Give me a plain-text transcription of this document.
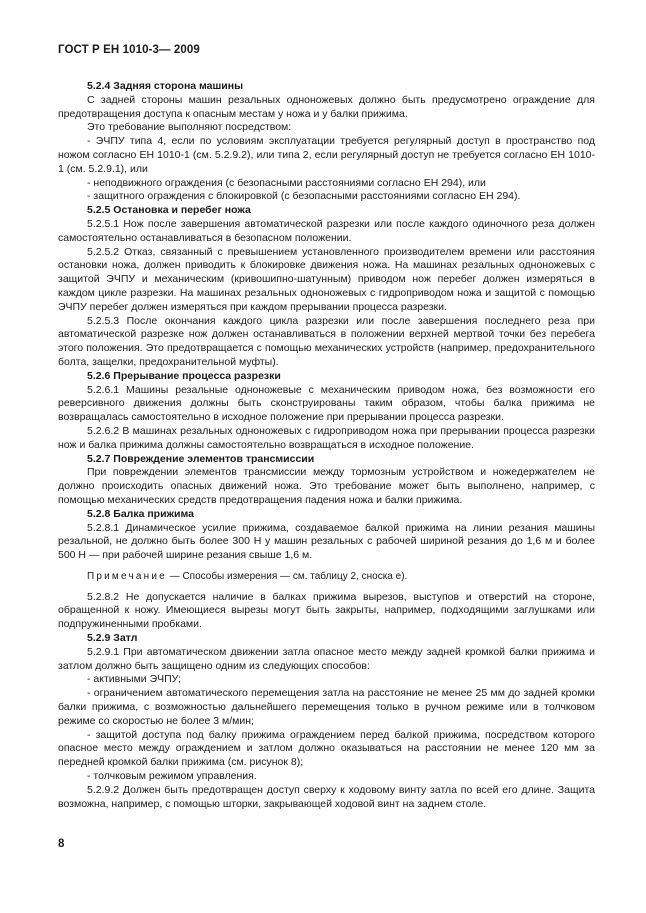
ГОСТ Р ЕН 1010-3— 2009

5.2.4 Задняя сторона машины

С задней стороны машин резальных одноножевых должно быть предусмотрено ограждение для предотвращения доступа к опасным местам у ножа и у балки прижима.

Это требование выполняют посредством:

- ЭЧПУ типа 4, если по условиям эксплуатации требуется регулярный доступ в пространство под ножом согласно ЕН 1010-1 (см. 5.2.9.2), или типа 2, если регулярный доступ не требуется согласно ЕН 1010-1 (см. 5.2.9.1), или

- неподвижного ограждения (с безопасными расстояниями согласно ЕН 294), или

- защитного ограждения с блокировкой (с безопасными расстояниями согласно ЕН 294).

5.2.5 Остановка и перебег ножа

5.2.5.1 Нож после завершения автоматической разрезки или после каждого одиночного реза должен самостоятельно останавливаться в безопасном положении.

5.2.5.2 Отказ, связанный с превышением установленного производителем времени или расстояния остановки ножа, должен приводить к блокировке движения ножа. На машинах резальных одноножевых с защитой ЭЧПУ и механическим (кривошипно-шатунным) приводом нож перебег должен измеряться в каждом цикле разрезки. На машинах резальных одноножевых с гидроприводом ножа и защитой с помощью ЭЧПУ перебег должен измеряться при каждом прерывании процесса разрезки.

5.2.5.3 После окончания каждого цикла разрезки или после завершения последнего реза при автоматической разрезке нож должен останавливаться в положении верхней мертвой точки без перебега этого положения. Это предотвращается с помощью механических устройств (например, предохранительного болта, защелки, предохранительной муфты).

5.2.6 Прерывание процесса разрезки

5.2.6.1 Машины резальные одноножевые с механическим приводом ножа, без возможности его реверсивного движения должны быть сконструированы таким образом, чтобы балка прижима не возвращалась самостоятельно в исходное положение при прерывании процесса разрезки.

5.2.6.2 В машинах резальных одноножевых с гидроприводом ножа при прерывании процесса разрезки нож и балка прижима должны самостоятельно возвращаться в исходное положение.

5.2.7 Повреждение элементов трансмиссии

При повреждении элементов трансмиссии между тормозным устройством и ножедержателем не должно происходить опасных движений ножа. Это требование может быть выполнено, например, с помощью механических средств предотвращения падения ножа и балки прижима.

5.2.8 Балка прижима

5.2.8.1 Динамическое усилие прижима, создаваемое балкой прижима на линии резания машины резальной, не должно быть более 300 Н у машин резальных с рабочей шириной резания до 1,6 м и более 500 Н — при рабочей ширине резания свыше 1,6 м.

Примечание — Способы измерения — см. таблицу 2, сноска е).

5.2.8.2 Не допускается наличие в балках прижима вырезов, выступов и отверстий на стороне, обращенной к ножу. Имеющиеся вырезы могут быть закрыты, например, подходящими заглушками или подпружиненными пробками.

5.2.9 Затл

5.2.9.1 При автоматическом движении затла опасное место между задней кромкой балки прижима и затлом должно быть защищено одним из следующих способов:

- активными ЭЧПУ;

- ограничением автоматического перемещения затла на расстояние не менее 25 мм до задней кромки балки прижима, с возможностью дальнейшего перемещения только в ручном режиме или в толчковом режиме со скоростью не более 3 м/мин;

- защитой доступа под балку прижима ограждением перед балкой прижима, посредством которого опасное место между ограждением и затлом должно оказываться на расстоянии не менее 120 мм за передней кромкой балки прижима (см. рисунок 8);

- толчковым режимом управления.

5.2.9.2 Должен быть предотвращен доступ сверху к ходовому винту затла по всей его длине. Защита возможна, например, с помощью шторки, закрывающей ходовой винт на заднем столе.

8
